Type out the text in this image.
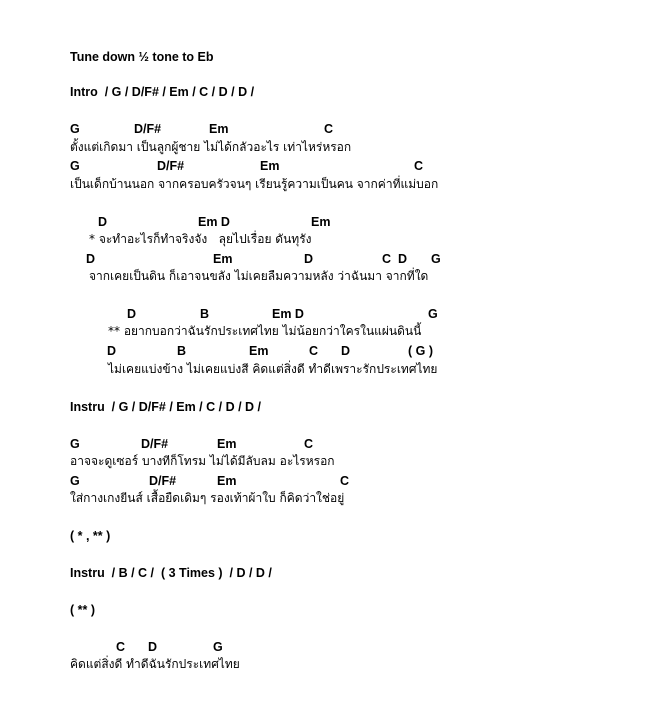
Tune down ½ tone to Eb
Intro  / G / D/F# / Em / C / D / D /
G	D/F#	Em	C
ตั้งแต่เกิดมา เป็นลูกผู้ชาย ไม่ได้กลัวอะไร เท่าไหร่หรอก
G	D/F#	Em	C
เป็นเด็กบ้านนอก จากครอบครัวจนๆ เรียนรู้ความเป็นคน จากค่าที่แม่บอก
D	Em D	Em
* จะทำอะไรก็ทำจริงจัง   ลุยไปเรื่อย ดันทุรัง
D	Em	D	C  D G
จากเคยเป็นดิน ก็เอาจนขลัง ไม่เคยลืมความหลัง ว่าฉันมา จากที่ใด
D	B	Em D	G
** อยากบอกว่าฉันรักประเทศไทย ไม่น้อยกว่าใครในแผ่นดินนี้
D	B	Em	C D	( G )
ไม่เคยแบ่งข้าง ไม่เคยแบ่งสี คิดแต่สิ่งดี ทำดีเพราะรักประเทศไทย
Instru  / G / D/F# / Em / C / D / D /
G	D/F#	Em	C
อาจจะดูเซอร์ บางทีก็โทรม ไม่ได้มีลับลม อะไรหรอก
G	D/F#	Em	C
ใส่กางเกงยีนส์ เสื้อยืดเดิมๆ รองเท้าผ้าใบ ก็คิดว่าใช่อยู่
( * , ** )
Instru  / B / C /  ( 3 Times )  / D / D /
( ** )
C D	G
คิดแต่สิ่งดี ทำดีฉันรักประเทศไทย
